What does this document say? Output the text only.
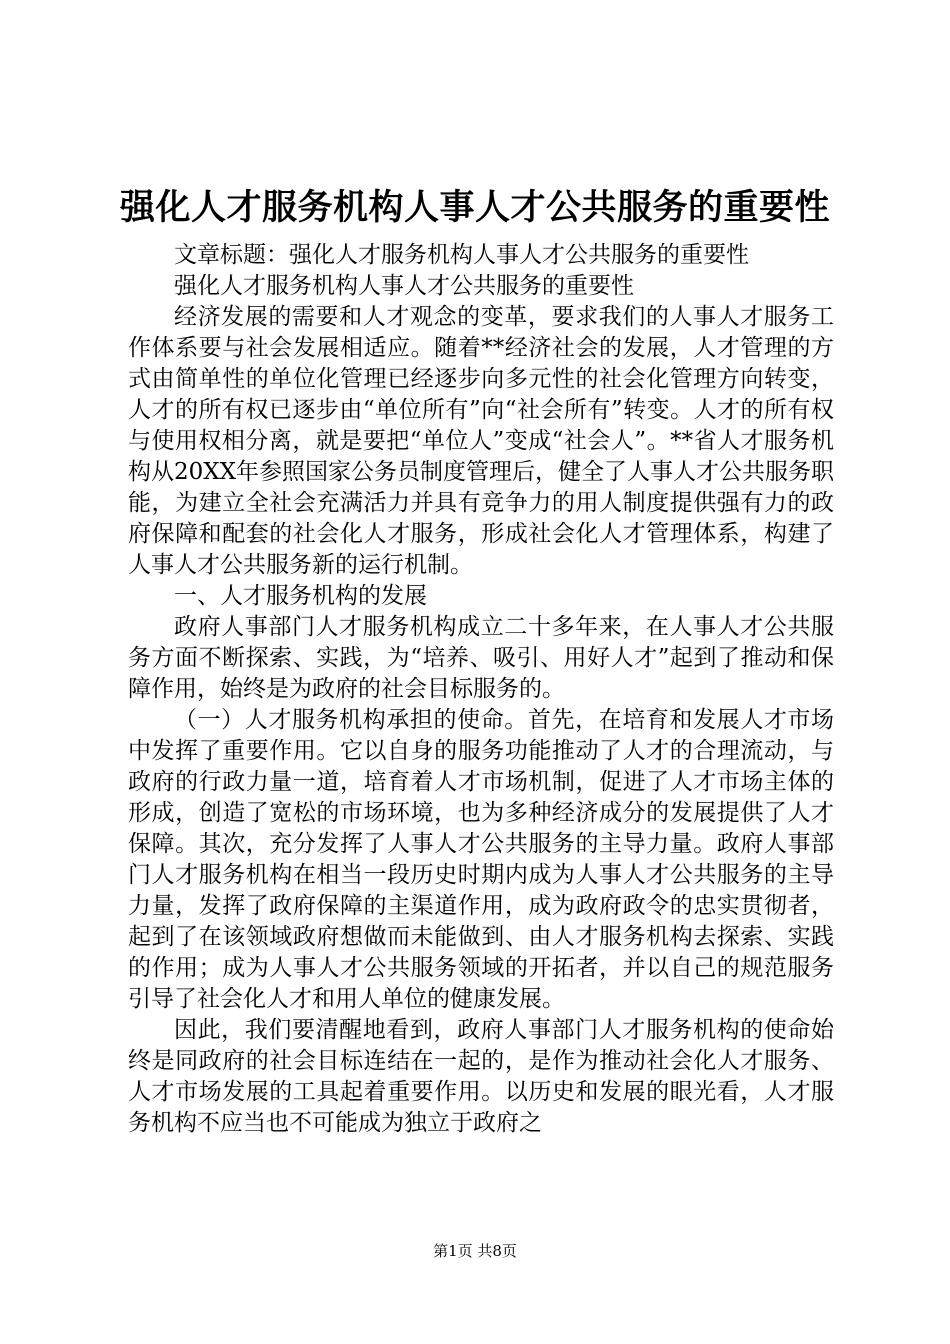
强化人才服务机构人事人才公共服务的重要性

文章标题：强化人才服务机构人事人才公共服务的重要性

强化人才服务机构人事人才公共服务的重要性

经济发展的需要和人才观念的变革，要求我们的人事人才服务工作体系要与社会发展相适应。随着**经济社会的发展，人才管理的方式由简单性的单位化管理已经逐步向多元性的社会化管理方向转变，人才的所有权已逐步由“单位所有”向“社会所有”转变。人才的所有权与使用权相分离，就是要把“单位人”变成“社会人”。**省人才服务机构从20XX年参照国家公务员制度管理后，健全了人事人才公共服务职能，为建立全社会充满活力并具有竞争力的用人制度提供强有力的政府保障和配套的社会化人才服务，形成社会化人才管理体系，构建了人事人才公共服务新的运行机制。

一、人才服务机构的发展

政府人事部门人才服务机构成立二十多年来，在人事人才公共服务方面不断探索、实践，为“培养、吸引、用好人才”起到了推动和保障作用，始终是为政府的社会目标服务的。

（一）人才服务机构承担的使命。首先，在培育和发展人才市场中发挥了重要作用。它以自身的服务功能推动了人才的合理流动，与政府的行政力量一道，培育着人才市场机制，促进了人才市场主体的形成，创造了宽松的市场环境，也为多种经济成分的发展提供了人才保障。其次，充分发挥了人事人才公共服务的主导力量。政府人事部门人才服务机构在相当一段历史时期内成为人事人才公共服务的主导力量，发挥了政府保障的主渠道作用，成为政府政令的忠实贯彻者，起到了在该领域政府想做而未能做到、由人才服务机构去探索、实践的作用；成为人事人才公共服务领域的开拓者，并以自己的规范服务引导了社会化人才和用人单位的健康发展。

因此，我们要清醒地看到，政府人事部门人才服务机构的使命始终是同政府的社会目标连结在一起的，是作为推动社会化人才服务、人才市场发展的工具起着重要作用。以历史和发展的眼光看，人才服务机构不应当也不可能成为独立于政府之

第1页 共8页
